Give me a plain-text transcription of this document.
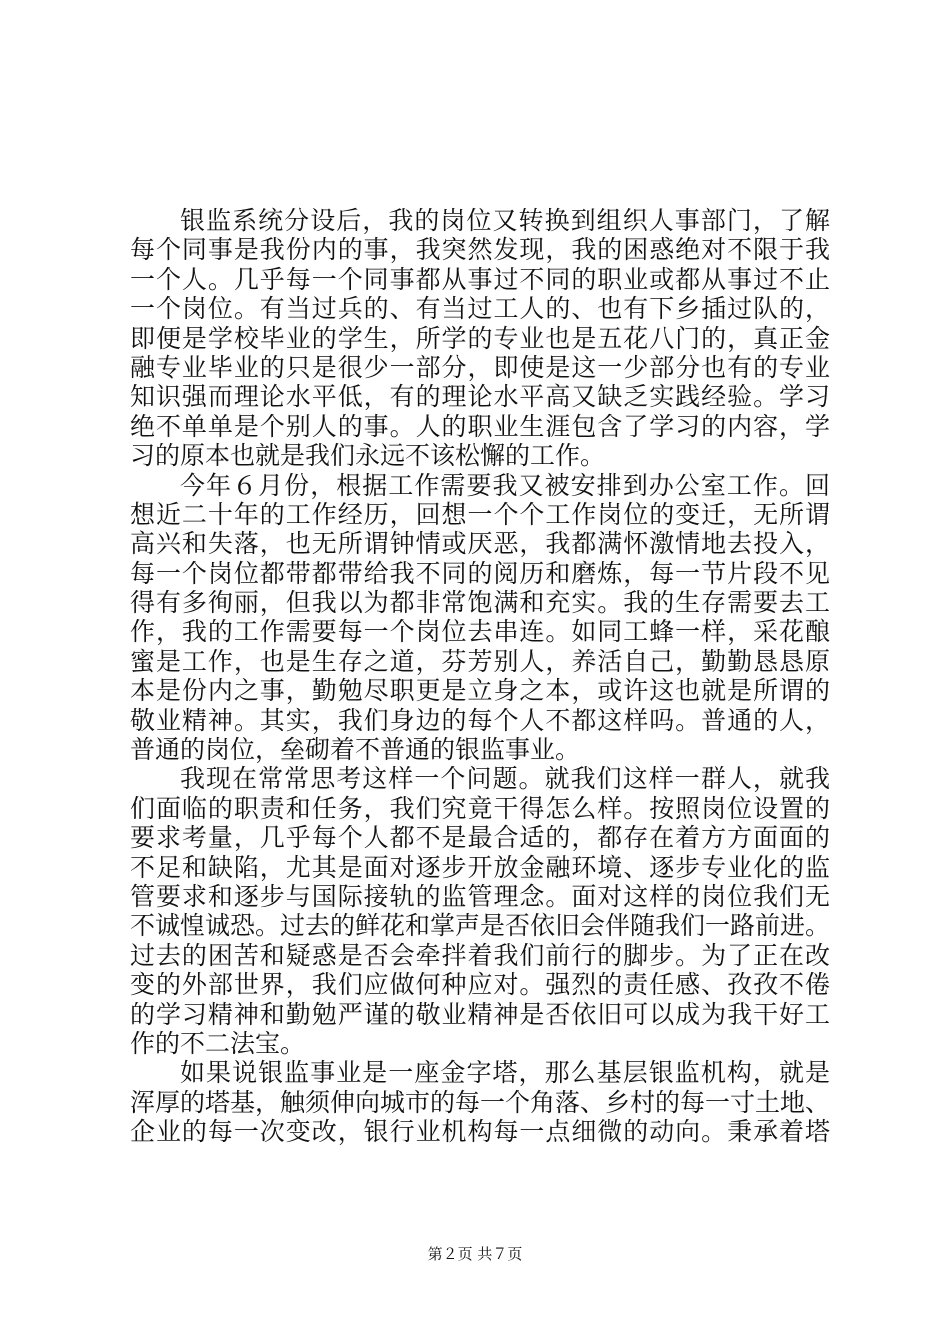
银监系统分设后，我的岗位又转换到组织人事部门，了解
每个同事是我份内的事，我突然发现，我的困惑绝对不限于我
一个人。几乎每一个同事都从事过不同的职业或都从事过不止
一个岗位。有当过兵的、有当过工人的、也有下乡插过队的，
即便是学校毕业的学生，所学的专业也是五花八门的，真正金
融专业毕业的只是很少一部分，即使是这一少部分也有的专业
知识强而理论水平低，有的理论水平高又缺乏实践经验。学习
绝不单单是个别人的事。人的职业生涯包含了学习的内容，学
习的原本也就是我们永远不该松懈的工作。
今年６月份，根据工作需要我又被安排到办公室工作。回
想近二十年的工作经历，回想一个个工作岗位的变迁，无所谓
高兴和失落，也无所谓钟情或厌恶，我都满怀激情地去投入，
每一个岗位都带都带给我不同的阅历和磨炼，每一节片段不见
得有多徇丽，但我以为都非常饱满和充实。我的生存需要去工
作，我的工作需要每一个岗位去串连。如同工蜂一样，采花酿
蜜是工作，也是生存之道，芬芳别人，养活自己，勤勤恳恳原
本是份内之事，勤勉尽职更是立身之本，或许这也就是所谓的
敬业精神。其实，我们身边的每个人不都这样吗。普通的人，
普通的岗位，垒砌着不普通的银监事业。
我现在常常思考这样一个问题。就我们这样一群人，就我
们面临的职责和任务，我们究竟干得怎么样。按照岗位设置的
要求考量，几乎每个人都不是最合适的，都存在着方方面面的
不足和缺陷，尤其是面对逐步开放金融环境、逐步专业化的监
管要求和逐步与国际接轨的监管理念。面对这样的岗位我们无
不诚惶诚恐。过去的鲜花和掌声是否依旧会伴随我们一路前进。
过去的困苦和疑惑是否会牵拌着我们前行的脚步。为了正在改
变的外部世界，我们应做何种应对。强烈的责任感、孜孜不倦
的学习精神和勤勉严谨的敬业精神是否依旧可以成为我干好工
作的不二法宝。
如果说银监事业是一座金字塔，那么基层银监机构，就是
浑厚的塔基，触须伸向城市的每一个角落、乡村的每一寸土地、
企业的每一次变改，银行业机构每一点细微的动向。秉承着塔
第２页 共７页
